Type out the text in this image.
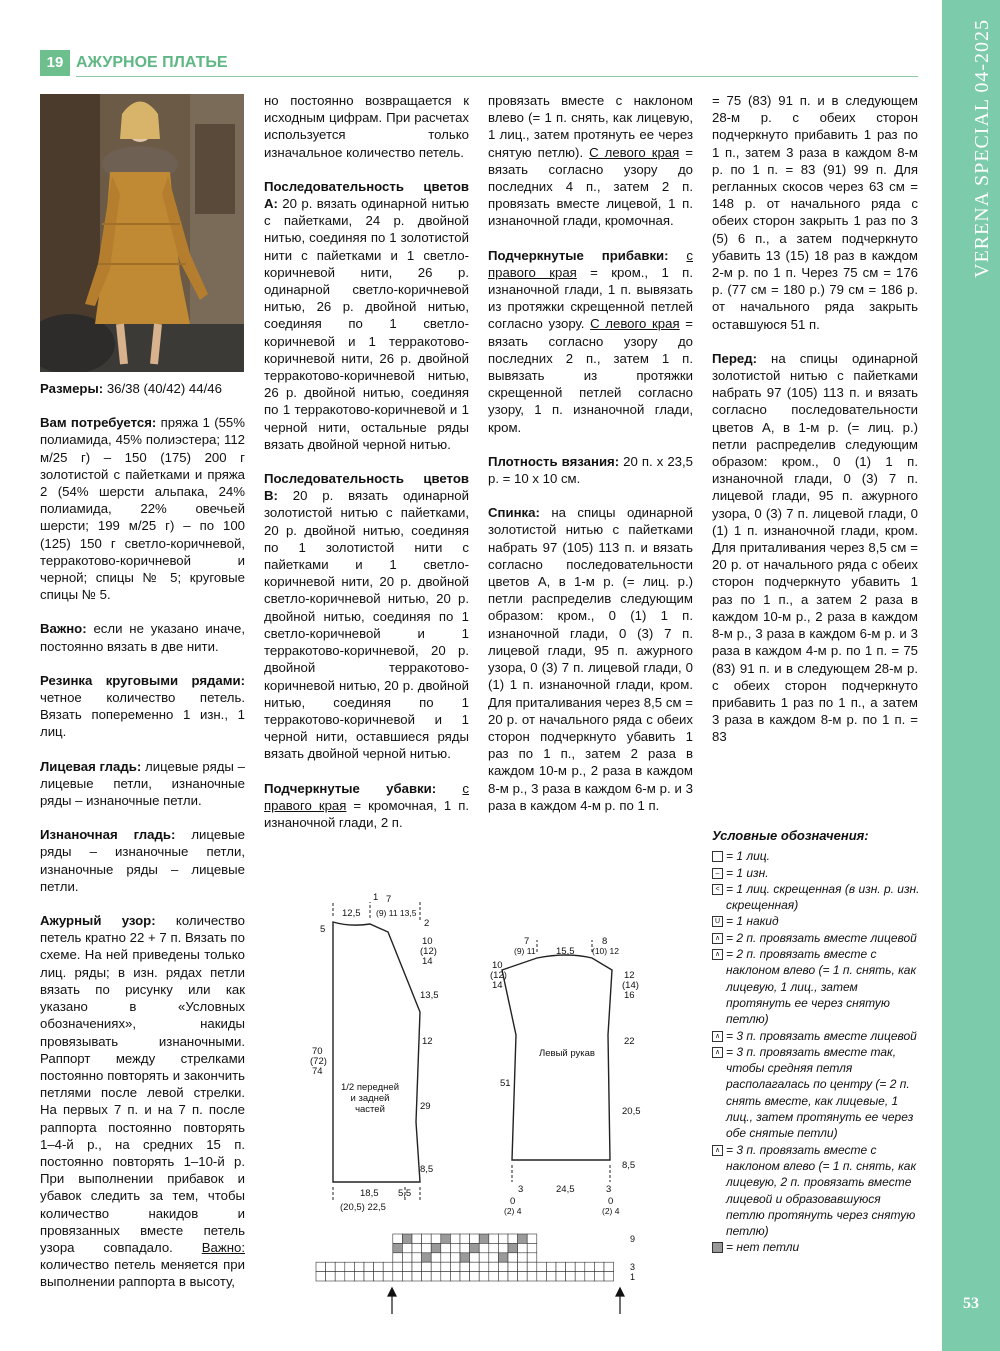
19 АЖУРНОЕ ПЛАТЬЕ
53

Размеры: 36/38 (40/42) 44/46

Вам потребуется: пряжа 1 (55% полиамида, 45% полиэстера; 112 м/25 г) – 150 (175) 200 г золотистой с пайетками и пряжа 2 (54% шерсти альпака, 24% полиамида, 22% овечьей шерсти; 199 м/25 г) – по 100 (125) 150 г светло-коричневой, терракотово-коричневой и черной; спицы № 5; круговые спицы № 5.

Важно: если не указано иначе, постоянно вязать в две нити.

Резинка круговыми рядами: четное количество петель. Вязать попеременно 1 изн., 1 лиц.

Лицевая гладь: лицевые ряды – лицевые петли, изнаночные ряды – изнаночные петли.

Изнаночная гладь: лицевые ряды – изнаночные петли, изнаночные ряды – лицевые петли.

Ажурный узор: количество петель кратно 22 + 7 п. Вязать по схеме. На ней приведены только лиц. ряды; в изн. рядах петли вязать по рисунку или как указано в «Условных обозначениях», накиды провязывать изнаночными. Раппорт между стрелками постоянно повторять и закончить петлями после левой стрелки. На первых 7 п. и на 7 п. после раппорта постоянно повторять 1–4-й р., на средних 15 п. постоянно повторять 1–10-й р. При выполнении прибавок и убавок следить за тем, чтобы количество накидов и провязанных вместе петель узора совпадало. Важно: количество петель меняется при выполнении раппорта в высоту,

но постоянно возвращается к исходным цифрам. При расчетах используется только изначальное количество петель.

Последовательность цветов A: 20 р. вязать одинарной нитью с пайетками, 24 р. двойной нитью, соединяя по 1 золотистой нити с пайетками и 1 светло-коричневой нити, 26 р. одинарной светло-коричневой нитью, 26 р. двойной нитью, соединяя по 1 светло-коричневой и 1 терракотово-коричневой нити, 26 р. двойной терракотово-коричневой нитью, 26 р. двойной нитью, соединяя по 1 терракотово-коричневой и 1 черной нити, остальные ряды вязать двойной черной нитью.

Последовательность цветов B: 20 р. вязать одинарной золотистой нитью с пайетками, 20 р. двойной нитью, соединяя по 1 золотистой нити с пайетками и 1 светло-коричневой нити, 20 р. двойной светло-коричневой нитью, 20 р. двойной нитью, соединяя по 1 светло-коричневой и 1 терракотово-коричневой, 20 р. двойной терракотово-коричневой нитью, 20 р. двойной нитью, соединяя по 1 терракотово-коричневой и 1 черной нити, оставшиеся ряды вязать двойной черной нитью.

Подчеркнутые убавки: с правого края = кромочная, 1 п. изнаночной глади, 2 п.

провязать вместе с наклоном влево (= 1 п. снять, как лицевую, 1 лиц., затем протянуть ее через снятую петлю). С левого края = вязать согласно узору до последних 4 п., затем 2 п. провязать вместе лицевой, 1 п. изнаночной глади, кромочная.

Подчеркнутые прибавки: с правого края = кром., 1 п. изнаночной глади, 1 п. вывязать из протяжки скрещенной петлей согласно узору. С левого края = вязать согласно узору до последних 2 п., затем 1 п. вывязать из протяжки скрещенной петлей согласно узору, 1 п. изнаночной глади, кром.

Плотность вязания: 20 п. х 23,5 р. = 10 х 10 см.

Спинка: на спицы одинарной золотистой нитью с пайетками набрать 97 (105) 113 п. и вязать согласно последовательности цветов A, в 1-м р. (= лиц. р.) петли распределив следующим образом: кром., 0 (1) 1 п. изнаночной глади, 0 (3) 7 п. лицевой глади, 95 п. ажурного узора, 0 (3) 7 п. лицевой глади, 0 (1) 1 п. изнаночной глади, кром. Для приталивания через 8,5 см = 20 р. от начального ряда с обеих сторон подчеркнуто убавить 1 раз по 1 п., затем 2 раза в каждом 10-м р., 2 раза в каждом 8-м р., 3 раза в каждом 6-м р. и 3 раза в каждом 4-м р. по 1 п.

= 75 (83) 91 п. и в следующем 28-м р. с обеих сторон подчеркнуто прибавить 1 раз по 1 п., затем 3 раза в каждом 8-м р. по 1 п. = 83 (91) 99 п. Для регланных скосов через 63 см = 148 р. от начального ряда с обеих сторон закрыть 1 раз по 3 (5) 6 п., а затем подчеркнуто убавить 13 (15) 18 раз в каждом 2-м р. по 1 п. Через 75 см = 176 р. (77 см = 180 р.) 79 см = 186 р. от начального ряда закрыть оставшуюся 51 п.

Перед: на спицы одинарной золотистой нитью с пайетками набрать 97 (105) 113 п. и вязать согласно последовательности цветов A, в 1-м р. (= лиц. р.) петли распределив следующим образом: кром., 0 (1) 1 п. изнаночной глади, 0 (3) 7 п. лицевой глади, 95 п. ажурного узора, 0 (3) 7 п. лицевой глади, 0 (1) 1 п. изнаночной глади, кром. Для приталивания через 8,5 см = 20 р. от начального ряда с обеих сторон подчеркнуто убавить 1 раз по 1 п., а затем 2 раза в каждом 10-м р., 2 раза в каждом 8-м р., 3 раза в каждом 6-м р. и 3 раза в каждом 4-м р. по 1 п. = 75 (83) 91 п. и в следующем 28-м р. с обеих сторон подчеркнуто прибавить 1 раз по 1 п., а затем 3 раза в каждом 8-м р. по 1 п. = 83

Условные обозначения:
= 1 лиц.
– = 1 изн.
< = 1 лиц. скрещенная (в изн. р. изн. скрещенная)
U = 1 накид
∧ = 2 п. провязать вместе лицевой
∧ = 2 п. провязать вместе с наклоном влево (= 1 п. снять, как лицевую, 1 лиц., затем протянуть ее через снятую петлю)
∧ = 3 п. провязать вместе лицевой
∧ = 3 п. провязать вместе так, чтобы средняя петля располагалась по центру (= 2 п. снять вместе, как лицевые, 1 лиц., затем протянуть ее через обе снятые петли)
∧ = 3 п. провязать вместе с наклоном влево (= 1 п. снять, как лицевую, 2 п. провязать вместе лицевой и образовавшуюся петлю протянуть через снятую петлю)
= нет петли
12,5
1 7
(9) 11 13,5
5
2
10
(12)
14
13,5
12
29
8,5
70
(72)
74
18,5
(20,5) 22,5
5,5
1/2 передней и задней частей
7
(9) 11 15,5
8
(10) 12
10
(12)
14
51
12
(14)
16
22
20,5
8,5
3	24,5	3
0
(2) 4
0
(2) 4
Левый рукав
9
3
1
